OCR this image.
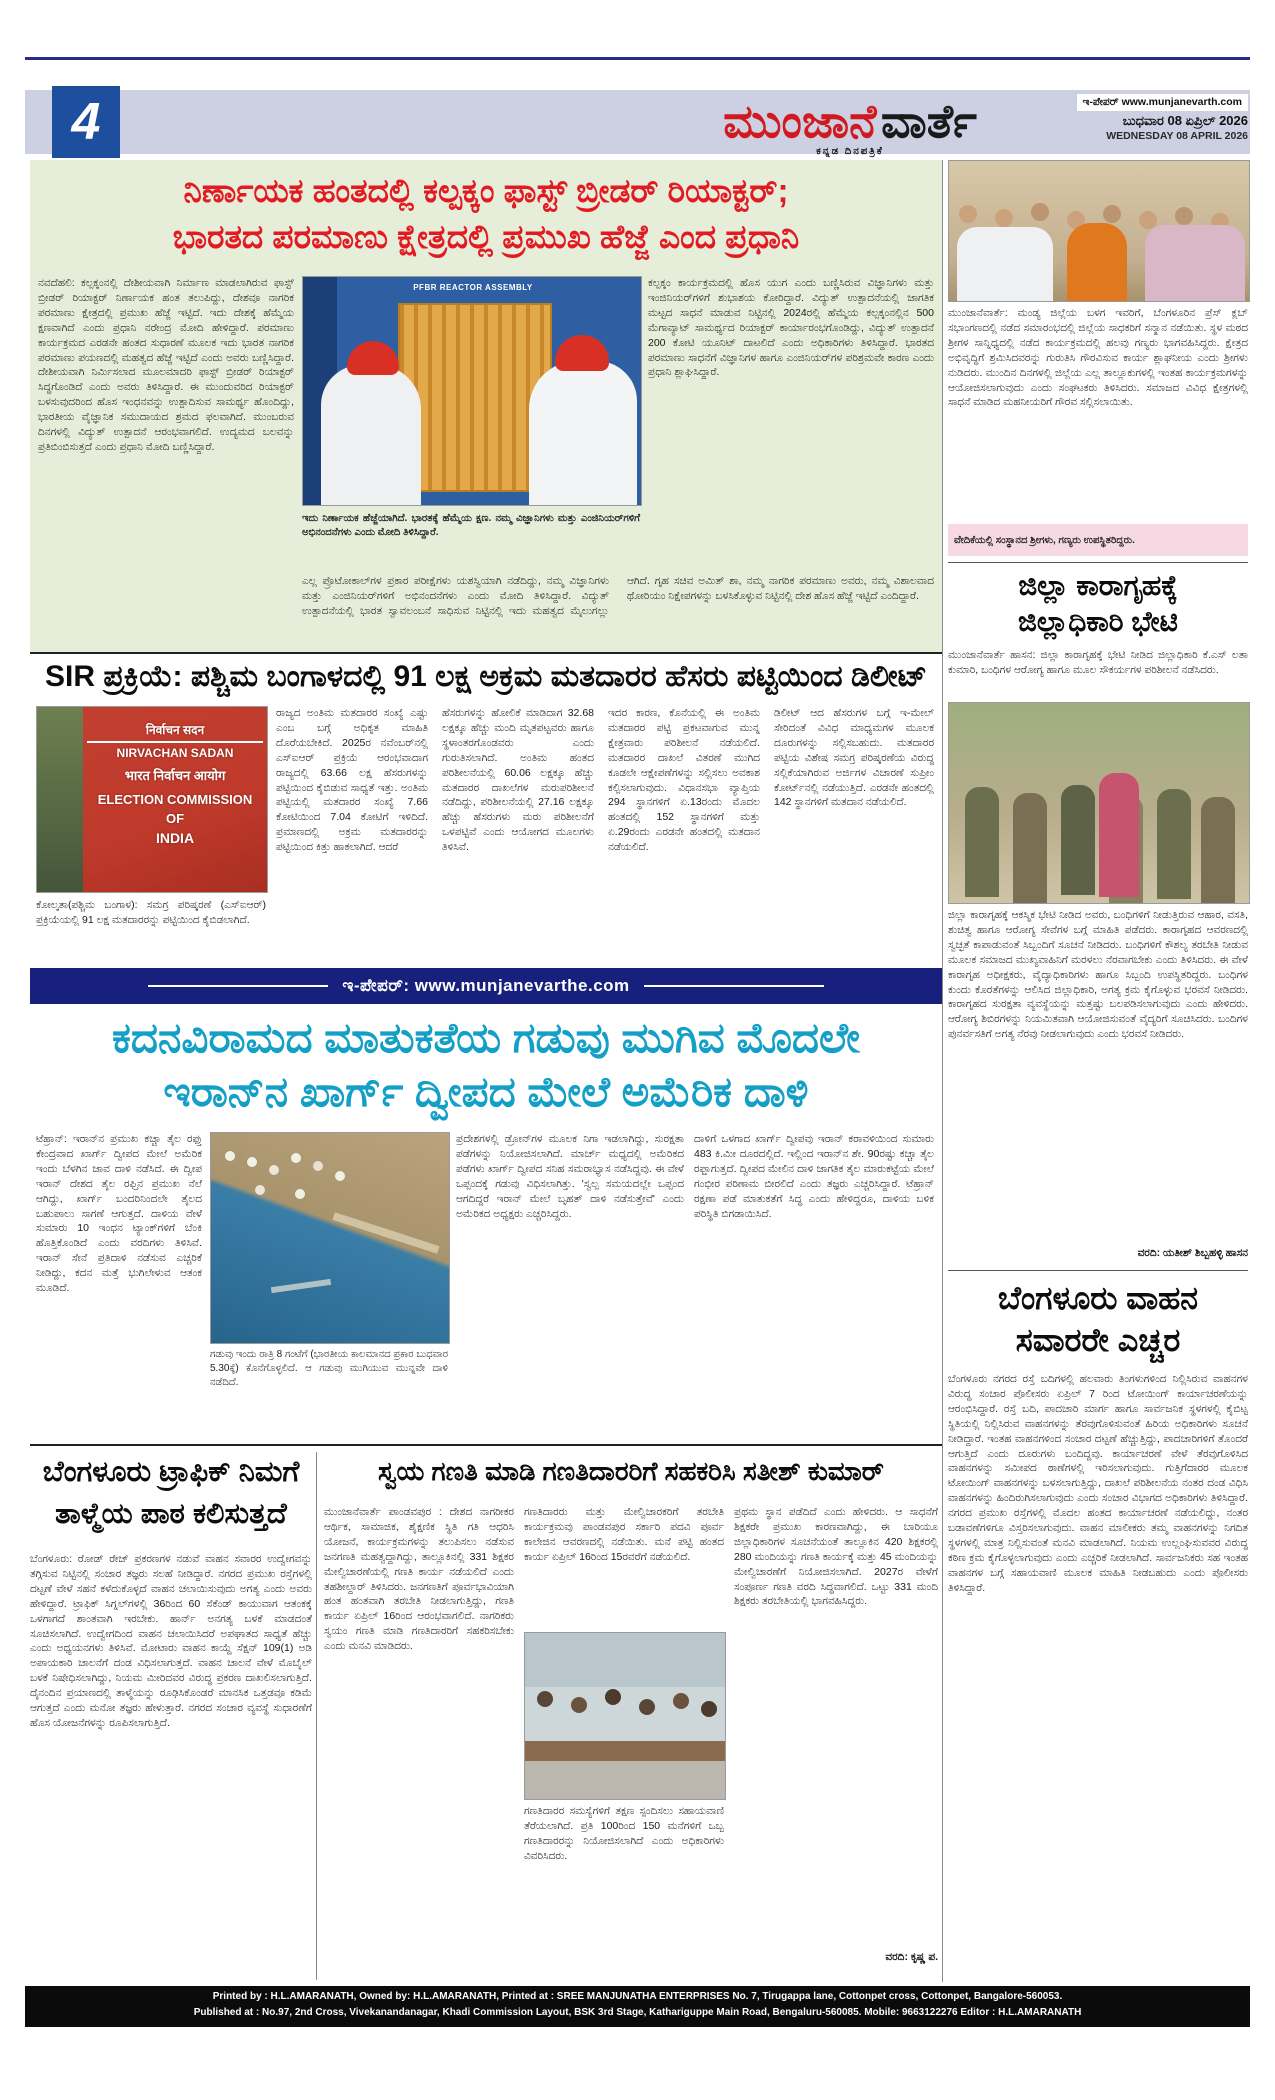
4	ಮುಂಜಾನೆ ವಾರ್ತೆ
ಕನ್ನಡ ದಿನಪತ್ರಿಕೆ
ಇ-ಪೇಪರ್ www.munjanevarth.com
ಬುಧವಾರ 08 ಏಪ್ರಿಲ್ 2026
WEDNESDAY 08 APRIL 2026
ನಿರ್ಣಾಯಕ ಹಂತದಲ್ಲಿ ಕಲ್ಪಕ್ಕಂ ಫಾಸ್ಟ್ ಬ್ರೀಡರ್ ರಿಯಾಕ್ಟರ್;
ಭಾರತದ ಪರಮಾಣು ಕ್ಷೇತ್ರದಲ್ಲಿ ಪ್ರಮುಖ ಹೆಜ್ಜೆ ಎಂದ ಪ್ರಧಾನಿ
ನವದೆಹಲಿ: ಕಲ್ಪಕ್ಕಂನಲ್ಲಿ ದೇಶೀಯವಾಗಿ ನಿರ್ಮಾಣ ಮಾಡಲಾಗಿರುವ ಫಾಸ್ಟ್ ಬ್ರೀಡರ್ ರಿಯಾಕ್ಟರ್ ನಿರ್ಣಾಯಕ ಹಂತ ತಲುಪಿದ್ದು, ದೇಶವೂ ನಾಗರಿಕ ಪರಮಾಣು ಕ್ಷೇತ್ರದಲ್ಲಿ ಪ್ರಮುಖ ಹೆಜ್ಜೆ ಇಟ್ಟಿದೆ. ಇದು ದೇಶಕ್ಕೆ ಹೆಮ್ಮೆಯ ಕ್ಷಣವಾಗಿದೆ ಎಂದು ಪ್ರಧಾನಿ ನರೇಂದ್ರ ಮೋದಿ ಹೇಳಿದ್ದಾರೆ. ಪರಮಾಣು ಕಾರ್ಯಕ್ರಮದ ಎರಡನೇ ಹಂತದ ಸುಧಾರಣೆ ಮೂಲಕ ಇದು ಭಾರತ ನಾಗರಿಕ ಪರಮಾಣು ಪಯಣದಲ್ಲಿ ಮಹತ್ವದ ಹೆಜ್ಜೆ ಇಟ್ಟಿದೆ ಎಂದು ಅವರು ಬಣ್ಣಿಸಿದ್ದಾರೆ. ದೇಶೀಯವಾಗಿ ನಿರ್ಮಿಸಲಾದ ಮೂಲಮಾದರಿ ಫಾಸ್ಟ್ ಬ್ರೀಡರ್ ರಿಯಾಕ್ಟರ್ ಸಿದ್ಧಗೊಂಡಿದೆ ಎಂದು ಅವರು ತಿಳಿಸಿದ್ದಾರೆ. ಈ ಮುಂದುವರಿದ ರಿಯಾಕ್ಟರ್ ಬಳಸುವುದರಿಂದ ಹೊಸ ಇಂಧನವನ್ನು ಉತ್ಪಾದಿಸುವ ಸಾಮರ್ಥ್ಯ ಹೊಂದಿದ್ದು, ಭಾರತೀಯ ವೈಜ್ಞಾನಿಕ ಸಮುದಾಯದ ಶ್ರಮದ ಫಲವಾಗಿದೆ. ಮುಂಬರುವ ದಿನಗಳಲ್ಲಿ ವಿದ್ಯುತ್ ಉತ್ಪಾದನೆ ಆರಂಭವಾಗಲಿದೆ. ಉದ್ಯಮದ ಬಲವನ್ನು ಪ್ರತಿಬಿಂಬಿಸುತ್ತದೆ ಎಂದು ಪ್ರಧಾನಿ ಮೋದಿ ಬಣ್ಣಿಸಿದ್ದಾರೆ.
PFBR REACTOR ASSEMBLY
ಇದು ನಿರ್ಣಾಯಕ ಹೆಜ್ಜೆಯಾಗಿದೆ. ಭಾರತಕ್ಕೆ ಹೆಮ್ಮೆಯ ಕ್ಷಣ. ನಮ್ಮ ವಿಜ್ಞಾನಿಗಳು ಮತ್ತು ಎಂಜಿನಿಯರ್‌ಗಳಿಗೆ ಅಭಿನಂದನೆಗಳು ಎಂದು ಮೋದಿ ತಿಳಿಸಿದ್ದಾರೆ.
ಕಲ್ಪಕ್ಕಂ ಕಾರ್ಯಕ್ರಮದಲ್ಲಿ ಹೊಸ ಯುಗ ಎಂದು ಬಣ್ಣಿಸಿರುವ ವಿಜ್ಞಾನಿಗಳು ಮತ್ತು ಇಂಜಿನಿಯರ್‌ಗಳಿಗೆ ಶುಭಾಶಯ ಕೋರಿದ್ದಾರೆ. ವಿದ್ಯುತ್ ಉತ್ಪಾದನೆಯಲ್ಲಿ ಜಾಗತಿಕ ಮಟ್ಟದ ಸಾಧನೆ ಮಾಡುವ ನಿಟ್ಟಿನಲ್ಲಿ 2024ರಲ್ಲಿ ಹೆಮ್ಮೆಯ ಕಲ್ಪಕ್ಕಂನಲ್ಲಿನ 500 ಮೆಗಾವ್ಯಾಟ್ ಸಾಮರ್ಥ್ಯದ ರಿಯಾಕ್ಟರ್ ಕಾರ್ಯಾರಂಭಗೊಂಡಿದ್ದು, ವಿದ್ಯುತ್ ಉತ್ಪಾದನೆ 200 ಕೋಟಿ ಯೂನಿಟ್ ದಾಟಲಿದೆ ಎಂದು ಅಧಿಕಾರಿಗಳು ತಿಳಿಸಿದ್ದಾರೆ. ಭಾರತದ ಪರಮಾಣು ಸಾಧನೆಗೆ ವಿಜ್ಞಾನಿಗಳ ಹಾಗೂ ಎಂಜಿನಿಯರ್‌ಗಳ ಪರಿಶ್ರಮವೇ ಕಾರಣ ಎಂದು ಪ್ರಧಾನಿ ಶ್ಲಾಘಿಸಿದ್ದಾರೆ.
ಎಲ್ಲ ಪ್ರೊಟೋಕಾಲ್‌ಗಳ ಪ್ರಕಾರ ಪರೀಕ್ಷೆಗಳು ಯಶಸ್ವಿಯಾಗಿ ನಡೆದಿದ್ದು, ನಮ್ಮ ವಿಜ್ಞಾನಿಗಳು ಮತ್ತು ಎಂಜಿನಿಯರ್‌ಗಳಿಗೆ ಅಭಿನಂದನೆಗಳು ಎಂದು ಮೋದಿ ತಿಳಿಸಿದ್ದಾರೆ. ವಿದ್ಯುತ್ ಉತ್ಪಾದನೆಯಲ್ಲಿ ಭಾರತ ಸ್ವಾವಲಂಬನೆ ಸಾಧಿಸುವ ನಿಟ್ಟಿನಲ್ಲಿ ಇದು ಮಹತ್ವದ ಮೈಲುಗಲ್ಲು ಆಗಿದೆ. ಗೃಹ ಸಚಿವ ಅಮಿತ್ ಶಾ, ನಮ್ಮ ನಾಗರಿಕ ಪರಮಾಣು ಅವರು, ನಮ್ಮ ವಿಶಾಲವಾದ ಥೋರಿಯಂ ನಿಕ್ಷೇಪಗಳನ್ನು ಬಳಸಿಕೊಳ್ಳುವ ನಿಟ್ಟಿನಲ್ಲಿ ದೇಶ ಹೊಸ ಹೆಜ್ಜೆ ಇಟ್ಟಿದೆ ಎಂದಿದ್ದಾರೆ.
SIR ಪ್ರಕ್ರಿಯೆ: ಪಶ್ಚಿಮ ಬಂಗಾಳದಲ್ಲಿ 91 ಲಕ್ಷ ಅಕ್ರಮ ಮತದಾರರ ಹೆಸರು ಪಟ್ಟಿಯಿಂದ ಡಿಲೀಟ್
निर्वाचन सदन
NIRVACHAN SADAN
भारत निर्वाचन आयोग
ELECTION COMMISSION
OF
INDIA
ಕೋಲ್ಕತಾ(ಪಶ್ಚಿಮ ಬಂಗಾಳ): ಸಮಗ್ರ ಪರಿಷ್ಕರಣೆ (ಎಸ್‌ಐಆರ್) ಪ್ರಕ್ರಿಯೆಯಲ್ಲಿ 91 ಲಕ್ಷ ಮತದಾರರನ್ನು ಪಟ್ಟಿಯಿಂದ ಕೈಬಿಡಲಾಗಿದೆ.
ರಾಜ್ಯದ ಅಂತಿಮ ಮತದಾರರ ಸಂಖ್ಯೆ ಎಷ್ಟು ಎಂಬ ಬಗ್ಗೆ ಅಧಿಕೃತ ಮಾಹಿತಿ ದೊರೆಯಬೇಕಿದೆ. 2025ರ ನವೆಂಬರ್‌ನಲ್ಲಿ ಎಸ್‌ಐಆರ್ ಪ್ರಕ್ರಿಯೆ ಆರಂಭವಾದಾಗ ರಾಜ್ಯದಲ್ಲಿ 63.66 ಲಕ್ಷ ಹೆಸರುಗಳನ್ನು ಪಟ್ಟಿಯಿಂದ ಕೈಬಿಡುವ ಸಾಧ್ಯತೆ ಇತ್ತು. ಅಂತಿಮ ಪಟ್ಟಿಯಲ್ಲಿ ಮತದಾರರ ಸಂಖ್ಯೆ 7.66 ಕೋಟಿಯಿಂದ 7.04 ಕೋಟಿಗೆ ಇಳಿದಿದೆ. ಪ್ರಮಾಣದಲ್ಲಿ ಅಕ್ರಮ ಮತದಾರರನ್ನು ಪಟ್ಟಿಯಿಂದ ಕಿತ್ತು ಹಾಕಲಾಗಿದೆ. ಆದರೆ
ಹೆಸರುಗಳನ್ನು ಹೋಲಿಕೆ ಮಾಡಿದಾಗ 32.68 ಲಕ್ಷಕ್ಕೂ ಹೆಚ್ಚು ಮಂದಿ ಮೃತಪಟ್ಟವರು ಹಾಗೂ ಸ್ಥಳಾಂತರಗೊಂಡವರು ಎಂದು ಗುರುತಿಸಲಾಗಿದೆ. ಅಂತಿಮ ಹಂತದ ಪರಿಶೀಲನೆಯಲ್ಲಿ 60.06 ಲಕ್ಷಕ್ಕೂ ಹೆಚ್ಚು ಮತದಾರರ ದಾಖಲೆಗಳ ಮರುಪರಿಶೀಲನೆ ನಡೆದಿದ್ದು, ಪರಿಶೀಲನೆಯಲ್ಲಿ 27.16 ಲಕ್ಷಕ್ಕೂ ಹೆಚ್ಚು ಹೆಸರುಗಳು ಮರು ಪರಿಶೀಲನೆಗೆ ಒಳಪಟ್ಟಿವೆ ಎಂದು ಆಯೋಗದ ಮೂಲಗಳು ತಿಳಿಸಿವೆ.
ಇದರ ಕಾರಣ, ಕೊನೆಯಲ್ಲಿ ಈ ಅಂತಿಮ ಮತದಾರರ ಪಟ್ಟಿ ಪ್ರಕಟವಾಗುವ ಮುನ್ನ ಕ್ಷೇತ್ರವಾರು ಪರಿಶೀಲನೆ ನಡೆಯಲಿದೆ. ಮತದಾರರ ದಾಖಲೆ ವಿತರಣೆ ಮುಗಿದ ಕೂಡಲೇ ಆಕ್ಷೇಪಣೆಗಳನ್ನು ಸಲ್ಲಿಸಲು ಅವಕಾಶ ಕಲ್ಪಿಸಲಾಗುವುದು. ವಿಧಾನಸಭಾ ವ್ಯಾಪ್ತಿಯ 294 ಸ್ಥಾನಗಳಿಗೆ ಏ.13ರಂದು ಮೊದಲ ಹಂತದಲ್ಲಿ 152 ಸ್ಥಾನಗಳಿಗೆ ಮತ್ತು ಏ.29ರಂದು ಎರಡನೇ ಹಂತದಲ್ಲಿ ಮತದಾನ ನಡೆಯಲಿದೆ.
ಡಿಲೀಟ್ ಆದ ಹೆಸರುಗಳ ಬಗ್ಗೆ ಇ-ಮೇಲ್ ಸೇರಿದಂತೆ ವಿವಿಧ ಮಾಧ್ಯಮಗಳ ಮೂಲಕ ದೂರುಗಳನ್ನು ಸಲ್ಲಿಸಬಹುದು. ಮತದಾರರ ಪಟ್ಟಿಯ ವಿಶೇಷ ಸಮಗ್ರ ಪರಿಷ್ಕರಣೆಯ ವಿರುದ್ಧ ಸಲ್ಲಿಕೆಯಾಗಿರುವ ಅರ್ಜಿಗಳ ವಿಚಾರಣೆ ಸುಪ್ರೀಂ ಕೋರ್ಟ್‌ನಲ್ಲಿ ನಡೆಯುತ್ತಿದೆ. ಎರಡನೇ ಹಂತದಲ್ಲಿ 142 ಸ್ಥಾನಗಳಿಗೆ ಮತದಾನ ನಡೆಯಲಿದೆ.
ಇ-ಪೇಪರ್: www.munjanevarthe.com
ಕದನವಿರಾಮದ ಮಾತುಕತೆಯ ಗಡುವು ಮುಗಿವ ಮೊದಲೇ
ಇರಾನ್‌ನ ಖಾರ್ಗ್ ದ್ವೀಪದ ಮೇಲೆ ಅಮೆರಿಕ ದಾಳಿ
ಟೆಹ್ರಾನ್: ಇರಾನ್‌ನ ಪ್ರಮುಖ ಕಚ್ಚಾ ತೈಲ ರಫ್ತು ಕೇಂದ್ರವಾದ ಖಾರ್ಗ್ ದ್ವೀಪದ ಮೇಲೆ ಅಮೆರಿಕ ಇಂದು ಬೆಳಗಿನ ಜಾವ ದಾಳಿ ನಡೆಸಿದೆ. ಈ ದ್ವೀಪ ಇರಾನ್ ದೇಶದ ತೈಲ ರಫ್ತಿನ ಪ್ರಮುಖ ನೆಲೆ ಆಗಿದ್ದು, ಖಾರ್ಗ್ ಬಂದರಿನಿಂದಲೇ ತೈಲದ ಬಹುಪಾಲು ಸಾಗಣೆ ಆಗುತ್ತದೆ. ದಾಳಿಯ ವೇಳೆ ಸುಮಾರು 10 ಇಂಧನ ಟ್ಯಾಂಕ್‌ಗಳಿಗೆ ಬೆಂಕಿ ಹೊತ್ತಿಕೊಂಡಿದೆ ಎಂದು ವರದಿಗಳು ತಿಳಿಸಿವೆ. ಇರಾನ್ ಸೇನೆ ಪ್ರತಿದಾಳಿ ನಡೆಸುವ ಎಚ್ಚರಿಕೆ ನೀಡಿದ್ದು, ಕದನ ಮತ್ತೆ ಭುಗಿಲೇಳುವ ಆತಂಕ ಮೂಡಿದೆ.
ಗಡುವು ಇಂದು ರಾತ್ರಿ 8 ಗಂಟೆಗೆ (ಭಾರತೀಯ ಕಾಲಮಾನದ ಪ್ರಕಾರ ಬುಧವಾರ 5.30ಕ್ಕೆ) ಕೊನೆಗೊಳ್ಳಲಿದೆ. ಆ ಗಡುವು ಮುಗಿಯುವ ಮುನ್ನವೇ ದಾಳಿ ನಡೆದಿದೆ.
ಪ್ರದೇಶಗಳಲ್ಲಿ ಡ್ರೋನ್‌ಗಳ ಮೂಲಕ ನಿಗಾ ಇಡಲಾಗಿದ್ದು, ಸುರಕ್ಷತಾ ಪಡೆಗಳನ್ನು ನಿಯೋಜಿಸಲಾಗಿದೆ. ಮಾರ್ಚ್ ಮಧ್ಯದಲ್ಲಿ ಅಮೆರಿಕದ ಪಡೆಗಳು ಖಾರ್ಗ್ ದ್ವೀಪದ ಸನಿಹ ಸಮರಾಭ್ಯಾಸ ನಡೆಸಿದ್ದವು. ಈ ವೇಳೆ ಒಪ್ಪಂದಕ್ಕೆ ಗಡುವು ವಿಧಿಸಲಾಗಿತ್ತು. 'ಸ್ವಲ್ಪ ಸಮಯದಲ್ಲೇ ಒಪ್ಪಂದ ಆಗದಿದ್ದರೆ ಇರಾನ್ ಮೇಲೆ ಬೃಹತ್ ದಾಳಿ ನಡೆಸುತ್ತೇವೆ' ಎಂದು ಅಮೆರಿಕದ ಅಧ್ಯಕ್ಷರು ಎಚ್ಚರಿಸಿದ್ದರು.
ದಾಳಿಗೆ ಒಳಗಾದ ಖಾರ್ಗ್ ದ್ವೀಪವು ಇರಾನ್ ಕರಾವಳಿಯಿಂದ ಸುಮಾರು 483 ಕಿ.ಮೀ ದೂರದಲ್ಲಿದೆ. ಇಲ್ಲಿಂದ ಇರಾನ್‌ನ ಶೇ. 90ರಷ್ಟು ಕಚ್ಚಾ ತೈಲ ರಫ್ತಾಗುತ್ತದೆ. ದ್ವೀಪದ ಮೇಲಿನ ದಾಳಿ ಜಾಗತಿಕ ತೈಲ ಮಾರುಕಟ್ಟೆಯ ಮೇಲೆ ಗಂಭೀರ ಪರಿಣಾಮ ಬೀರಲಿದೆ ಎಂದು ತಜ್ಞರು ಎಚ್ಚರಿಸಿದ್ದಾರೆ. ಟೆಹ್ರಾನ್ ರಕ್ಷಣಾ ಪಡೆ ಮಾತುಕತೆಗೆ ಸಿದ್ಧ ಎಂದು ಹೇಳಿದ್ದರೂ, ದಾಳಿಯ ಬಳಿಕ ಪರಿಸ್ಥಿತಿ ಬಿಗಡಾಯಿಸಿದೆ.
ಮುಂಜಾನೆವಾರ್ತೆ: ಮಂಡ್ಯ ಜಿಲ್ಲೆಯ ಬಳಗ ಇವರಿಗೆ, ಬೆಂಗಳೂರಿನ ಪ್ರೆಸ್ ಕ್ಲಬ್ ಸಭಾಂಗಣದಲ್ಲಿ ನಡೆದ ಸಮಾರಂಭದಲ್ಲಿ ಜಿಲ್ಲೆಯ ಸಾಧಕರಿಗೆ ಸನ್ಮಾನ ನಡೆಯಿತು. ಸ್ಥಳ ಮಠದ ಶ್ರೀಗಳ ಸಾನ್ನಿಧ್ಯದಲ್ಲಿ ನಡೆದ ಕಾರ್ಯಕ್ರಮದಲ್ಲಿ ಹಲವು ಗಣ್ಯರು ಭಾಗವಹಿಸಿದ್ದರು. ಕ್ಷೇತ್ರದ ಅಭಿವೃದ್ಧಿಗೆ ಶ್ರಮಿಸಿದವರನ್ನು ಗುರುತಿಸಿ ಗೌರವಿಸುವ ಕಾರ್ಯ ಶ್ಲಾಘನೀಯ ಎಂದು ಶ್ರೀಗಳು ನುಡಿದರು. ಮುಂದಿನ ದಿನಗಳಲ್ಲಿ ಜಿಲ್ಲೆಯ ಎಲ್ಲ ತಾಲ್ಲೂಕುಗಳಲ್ಲಿ ಇಂತಹ ಕಾರ್ಯಕ್ರಮಗಳನ್ನು ಆಯೋಜಿಸಲಾಗುವುದು ಎಂದು ಸಂಘಟಕರು ತಿಳಿಸಿದರು. ಸಮಾಜದ ವಿವಿಧ ಕ್ಷೇತ್ರಗಳಲ್ಲಿ ಸಾಧನೆ ಮಾಡಿದ ಮಹನೀಯರಿಗೆ ಗೌರವ ಸಲ್ಲಿಸಲಾಯಿತು.
ವೇದಿಕೆಯಲ್ಲಿ ಸಂಸ್ಥಾನದ ಶ್ರೀಗಳು, ಗಣ್ಯರು ಉಪಸ್ಥಿತರಿದ್ದರು.
ಜಿಲ್ಲಾ ಕಾರಾಗೃಹಕ್ಕೆ
ಜಿಲ್ಲಾಧಿಕಾರಿ ಭೇಟಿ
ಮುಂಜಾನೆವಾರ್ತೆ ಹಾಸನ: ಜಿಲ್ಲಾ ಕಾರಾಗೃಹಕ್ಕೆ ಭೇಟಿ ನೀಡಿದ ಜಿಲ್ಲಾಧಿಕಾರಿ ಕೆ.ಎಸ್ ಲತಾ ಕುಮಾರಿ, ಬಂಧಿಗಳ ಆರೋಗ್ಯ ಹಾಗೂ ಮೂಲ ಸೌಕರ್ಯಗಳ ಪರಿಶೀಲನೆ ನಡೆಸಿದರು.
ಜಿಲ್ಲಾ ಕಾರಾಗೃಹಕ್ಕೆ ಆಕಸ್ಮಿಕ ಭೇಟಿ ನೀಡಿದ ಅವರು, ಬಂಧಿಗಳಿಗೆ ನೀಡುತ್ತಿರುವ ಆಹಾರ, ವಸತಿ, ಶುಚಿತ್ವ ಹಾಗೂ ಆರೋಗ್ಯ ಸೇವೆಗಳ ಬಗ್ಗೆ ಮಾಹಿತಿ ಪಡೆದರು. ಕಾರಾಗೃಹದ ಆವರಣದಲ್ಲಿ ಸ್ವಚ್ಛತೆ ಕಾಪಾಡುವಂತೆ ಸಿಬ್ಬಂದಿಗೆ ಸೂಚನೆ ನೀಡಿದರು. ಬಂಧಿಗಳಿಗೆ ಕೌಶಲ್ಯ ತರಬೇತಿ ನೀಡುವ ಮೂಲಕ ಸಮಾಜದ ಮುಖ್ಯವಾಹಿನಿಗೆ ಮರಳಲು ನೆರವಾಗಬೇಕು ಎಂದು ತಿಳಿಸಿದರು. ಈ ವೇಳೆ ಕಾರಾಗೃಹ ಅಧೀಕ್ಷಕರು, ವೈದ್ಯಾಧಿಕಾರಿಗಳು ಹಾಗೂ ಸಿಬ್ಬಂದಿ ಉಪಸ್ಥಿತರಿದ್ದರು. ಬಂಧಿಗಳ ಕುಂದು ಕೊರತೆಗಳನ್ನು ಆಲಿಸಿದ ಜಿಲ್ಲಾಧಿಕಾರಿ, ಅಗತ್ಯ ಕ್ರಮ ಕೈಗೊಳ್ಳುವ ಭರವಸೆ ನೀಡಿದರು. ಕಾರಾಗೃಹದ ಸುರಕ್ಷತಾ ವ್ಯವಸ್ಥೆಯನ್ನು ಮತ್ತಷ್ಟು ಬಲಪಡಿಸಲಾಗುವುದು ಎಂದು ಹೇಳಿದರು. ಆರೋಗ್ಯ ಶಿಬಿರಗಳನ್ನು ನಿಯಮಿತವಾಗಿ ಆಯೋಜಿಸುವಂತೆ ವೈದ್ಯರಿಗೆ ಸೂಚಿಸಿದರು. ಬಂದಿಗಳ ಪುನರ್ವಸತಿಗೆ ಅಗತ್ಯ ನೆರವು ನೀಡಲಾಗುವುದು ಎಂದು ಭರವಸೆ ನೀಡಿದರು.
ವರದಿ: ಯತೀಶ್ ಶಿಬ್ಬಹಳ್ಳಿ ಹಾಸನ
ಬೆಂಗಳೂರು ವಾಹನ
ಸವಾರರೇ ಎಚ್ಚರ
ಬೆಂಗಳೂರು ನಗರದ ರಸ್ತೆ ಬದಿಗಳಲ್ಲಿ ಹಲವಾರು ತಿಂಗಳುಗಳಿಂದ ನಿಲ್ಲಿಸಿರುವ ವಾಹನಗಳ ವಿರುದ್ಧ ಸಂಚಾರ ಪೊಲೀಸರು ಏಪ್ರಿಲ್ 7 ರಿಂದ ಟೋಯಿಂಗ್ ಕಾರ್ಯಾಚರಣೆಯನ್ನು ಆರಂಭಿಸಿದ್ದಾರೆ. ರಸ್ತೆ ಬದಿ, ಪಾದಚಾರಿ ಮಾರ್ಗ ಹಾಗೂ ಸಾರ್ವಜನಿಕ ಸ್ಥಳಗಳಲ್ಲಿ ಕೈಬಿಟ್ಟ ಸ್ಥಿತಿಯಲ್ಲಿ ನಿಲ್ಲಿಸಿರುವ ವಾಹನಗಳನ್ನು ತೆರವುಗೊಳಿಸುವಂತೆ ಹಿರಿಯ ಅಧಿಕಾರಿಗಳು ಸೂಚನೆ ನೀಡಿದ್ದಾರೆ. ಇಂತಹ ವಾಹನಗಳಿಂದ ಸಂಚಾರ ದಟ್ಟಣೆ ಹೆಚ್ಚುತ್ತಿದ್ದು, ಪಾದಚಾರಿಗಳಿಗೆ ತೊಂದರೆ ಆಗುತ್ತಿದೆ ಎಂದು ದೂರುಗಳು ಬಂದಿದ್ದವು. ಕಾರ್ಯಾಚರಣೆ ವೇಳೆ ತೆರವುಗೊಳಿಸಿದ ವಾಹನಗಳನ್ನು ಸಮೀಪದ ಠಾಣೆಗಳಲ್ಲಿ ಇರಿಸಲಾಗುವುದು. ಗುತ್ತಿಗೆದಾರರ ಮೂಲಕ ಟೋಯಿಂಗ್ ವಾಹನಗಳನ್ನು ಬಳಸಲಾಗುತ್ತಿದ್ದು, ದಾಖಲೆ ಪರಿಶೀಲನೆಯ ನಂತರ ದಂಡ ವಿಧಿಸಿ ವಾಹನಗಳನ್ನು ಹಿಂದಿರುಗಿಸಲಾಗುವುದು ಎಂದು ಸಂಚಾರ ವಿಭಾಗದ ಅಧಿಕಾರಿಗಳು ತಿಳಿಸಿದ್ದಾರೆ. ನಗರದ ಪ್ರಮುಖ ರಸ್ತೆಗಳಲ್ಲಿ ಮೊದಲ ಹಂತದ ಕಾರ್ಯಾಚರಣೆ ನಡೆಯಲಿದ್ದು, ನಂತರ ಬಡಾವಣೆಗಳಿಗೂ ವಿಸ್ತರಿಸಲಾಗುವುದು. ವಾಹನ ಮಾಲೀಕರು ತಮ್ಮ ವಾಹನಗಳನ್ನು ನಿಗದಿತ ಸ್ಥಳಗಳಲ್ಲಿ ಮಾತ್ರ ನಿಲ್ಲಿಸುವಂತೆ ಮನವಿ ಮಾಡಲಾಗಿದೆ. ನಿಯಮ ಉಲ್ಲಂಘಿಸುವವರ ವಿರುದ್ಧ ಕಠಿಣ ಕ್ರಮ ಕೈಗೊಳ್ಳಲಾಗುವುದು ಎಂದು ಎಚ್ಚರಿಕೆ ನೀಡಲಾಗಿದೆ. ಸಾರ್ವಜನಿಕರು ಸಹ ಇಂತಹ ವಾಹನಗಳ ಬಗ್ಗೆ ಸಹಾಯವಾಣಿ ಮೂಲಕ ಮಾಹಿತಿ ನೀಡಬಹುದು ಎಂದು ಪೊಲೀಸರು ತಿಳಿಸಿದ್ದಾರೆ.
ಬೆಂಗಳೂರು ಟ್ರಾಫಿಕ್ ನಿಮಗೆ
ತಾಳ್ಮೆಯ ಪಾಠ ಕಲಿಸುತ್ತದೆ
ಬೆಂಗಳೂರು: ರೋಡ್ ರೇಜ್ ಪ್ರಕರಣಗಳ ನಡುವೆ ವಾಹನ ಸವಾರರ ಉದ್ವೇಗವನ್ನು ತಗ್ಗಿಸುವ ನಿಟ್ಟಿನಲ್ಲಿ ಸಂಚಾರ ತಜ್ಞರು ಸಲಹೆ ನೀಡಿದ್ದಾರೆ. ನಗರದ ಪ್ರಮುಖ ರಸ್ತೆಗಳಲ್ಲಿ ದಟ್ಟಣೆ ವೇಳೆ ಸಹನೆ ಕಳೆದುಕೊಳ್ಳದೆ ವಾಹನ ಚಲಾಯಿಸುವುದು ಅಗತ್ಯ ಎಂದು ಅವರು ಹೇಳಿದ್ದಾರೆ. ಟ್ರಾಫಿಕ್ ಸಿಗ್ನಲ್‌ಗಳಲ್ಲಿ 36ರಿಂದ 60 ಸೆಕೆಂಡ್ ಕಾಯುವಾಗ ಆತಂಕಕ್ಕೆ ಒಳಗಾಗದೆ ಶಾಂತವಾಗಿ ಇರಬೇಕು. ಹಾರ್ನ್ ಅನಗತ್ಯ ಬಳಕೆ ಮಾಡದಂತೆ ಸೂಚಿಸಲಾಗಿದೆ. ಉದ್ವೇಗದಿಂದ ವಾಹನ ಚಲಾಯಿಸಿದರೆ ಅಪಘಾತದ ಸಾಧ್ಯತೆ ಹೆಚ್ಚು ಎಂದು ಅಧ್ಯಯನಗಳು ತಿಳಿಸಿವೆ. ಮೋಟಾರು ವಾಹನ ಕಾಯ್ದೆ ಸೆಕ್ಷನ್ 109(1) ಅಡಿ ಅಪಾಯಕಾರಿ ಚಾಲನೆಗೆ ದಂಡ ವಿಧಿಸಲಾಗುತ್ತದೆ. ವಾಹನ ಚಾಲನೆ ವೇಳೆ ಮೊಬೈಲ್ ಬಳಕೆ ನಿಷೇಧಿಸಲಾಗಿದ್ದು, ನಿಯಮ ಮೀರಿದವರ ವಿರುದ್ಧ ಪ್ರಕರಣ ದಾಖಲಿಸಲಾಗುತ್ತಿದೆ. ದೈನಂದಿನ ಪ್ರಯಾಣದಲ್ಲಿ ತಾಳ್ಮೆಯನ್ನು ರೂಢಿಸಿಕೊಂಡರೆ ಮಾನಸಿಕ ಒತ್ತಡವೂ ಕಡಿಮೆ ಆಗುತ್ತದೆ ಎಂದು ಮನೋ ತಜ್ಞರು ಹೇಳುತ್ತಾರೆ. ನಗರದ ಸಂಚಾರ ವ್ಯವಸ್ಥೆ ಸುಧಾರಣೆಗೆ ಹೊಸ ಯೋಜನೆಗಳನ್ನು ರೂಪಿಸಲಾಗುತ್ತಿದೆ.
ಸ್ವಯ ಗಣತಿ ಮಾಡಿ ಗಣತಿದಾರರಿಗೆ ಸಹಕರಿಸಿ ಸತೀಶ್ ಕುಮಾರ್
ಮುಂಜಾನೆವಾರ್ತೆ ಪಾಂಡವಪುರ : ದೇಶದ ನಾಗರೀಕರ ಆರ್ಥಿಕ, ಸಾಮಾಜಿಕ, ಶೈಕ್ಷಣಿಕ ಸ್ಥಿತಿ ಗತಿ ಆಧರಿಸಿ ಯೋಜನೆ, ಕಾರ್ಯಕ್ರಮಗಳನ್ನು ತಲುಪಿಸಲು ನಡೆಸುವ ಜನಗಣತಿ ಮಹತ್ವದ್ದಾಗಿದ್ದು, ತಾಲ್ಲೂಕಿನಲ್ಲಿ 331 ಶಿಕ್ಷಕರ ಮೇಲ್ವಿಚಾರಣೆಯಲ್ಲಿ ಗಣತಿ ಕಾರ್ಯ ನಡೆಯಲಿದೆ ಎಂದು ತಹಶೀಲ್ದಾರ್ ತಿಳಿಸಿದರು. ಜನಗಣತಿಗೆ ಪೂರ್ವಭಾವಿಯಾಗಿ ಹಂತ ಹಂತವಾಗಿ ತರಬೇತಿ ನೀಡಲಾಗುತ್ತಿದ್ದು, ಗಣತಿ ಕಾರ್ಯ ಏಪ್ರಿಲ್ 16ರಿಂದ ಆರಂಭವಾಗಲಿದೆ. ನಾಗರಿಕರು ಸ್ವಯಂ ಗಣತಿ ಮಾಡಿ ಗಣತಿದಾರರಿಗೆ ಸಹಕರಿಸಬೇಕು ಎಂದು ಮನವಿ ಮಾಡಿದರು.
ಗಣತಿದಾರರು ಮತ್ತು ಮೇಲ್ವಿಚಾರಕರಿಗೆ ತರಬೇತಿ ಕಾರ್ಯಕ್ರಮವು ಪಾಂಡವಪುರ ಸರ್ಕಾರಿ ಪದವಿ ಪೂರ್ವ ಕಾಲೇಜಿನ ಆವರಣದಲ್ಲಿ ನಡೆಯಿತು. ಮನೆ ಪಟ್ಟಿ ಹಂತದ ಕಾರ್ಯ ಏಪ್ರಿಲ್ 16ರಿಂದ 15ರವರೆಗೆ ನಡೆಯಲಿದೆ.
ಗಣತಿದಾರರ ಸಮಸ್ಯೆಗಳಿಗೆ ತಕ್ಷಣ ಸ್ಪಂದಿಸಲು ಸಹಾಯವಾಣಿ ತೆರೆಯಲಾಗಿದೆ. ಪ್ರತಿ 100ರಿಂದ 150 ಮನೆಗಳಿಗೆ ಒಬ್ಬ ಗಣತಿದಾರರನ್ನು ನಿಯೋಜಿಸಲಾಗಿದೆ ಎಂದು ಅಧಿಕಾರಿಗಳು ವಿವರಿಸಿದರು.
ಪ್ರಥಮ ಸ್ಥಾನ ಪಡೆದಿದೆ ಎಂದು ಹೇಳಿದರು. ಆ ಸಾಧನೆಗೆ ಶಿಕ್ಷಕರೇ ಪ್ರಮುಖ ಕಾರಣವಾಗಿದ್ದು, ಈ ಬಾರಿಯೂ ಜಿಲ್ಲಾಧಿಕಾರಿಗಳ ಸೂಚನೆಯಂತೆ ತಾಲ್ಲೂಕಿನ 420 ಶಿಕ್ಷಕರಲ್ಲಿ 280 ಮಂದಿಯನ್ನು ಗಣತಿ ಕಾರ್ಯಕ್ಕೆ ಮತ್ತು 45 ಮಂದಿಯನ್ನು ಮೇಲ್ವಿಚಾರಣೆಗೆ ನಿಯೋಜಿಸಲಾಗಿದೆ. 2027ರ ವೇಳೆಗೆ ಸಂಪೂರ್ಣ ಗಣತಿ ವರದಿ ಸಿದ್ಧವಾಗಲಿದೆ. ಒಟ್ಟು 331 ಮಂದಿ ಶಿಕ್ಷಕರು ತರಬೇತಿಯಲ್ಲಿ ಭಾಗವಹಿಸಿದ್ದರು.
ವರದಿ: ಕೃಷ್ಣ ಪ.
Printed by : H.L.AMARANATH, Owned by: H.L.AMARANATH, Printed at : SREE MANJUNATHA ENTERPRISES No. 7, Tirugappa lane, Cottonpet cross, Cottonpet, Bangalore-560053.
Published at : No.97, 2nd Cross, Vivekanandanagar, Khadi Commission Layout, BSK 3rd Stage, Kathariguppe Main Road, Bengaluru-560085. Mobile: 9663122276 Editor : H.L.AMARANATH
